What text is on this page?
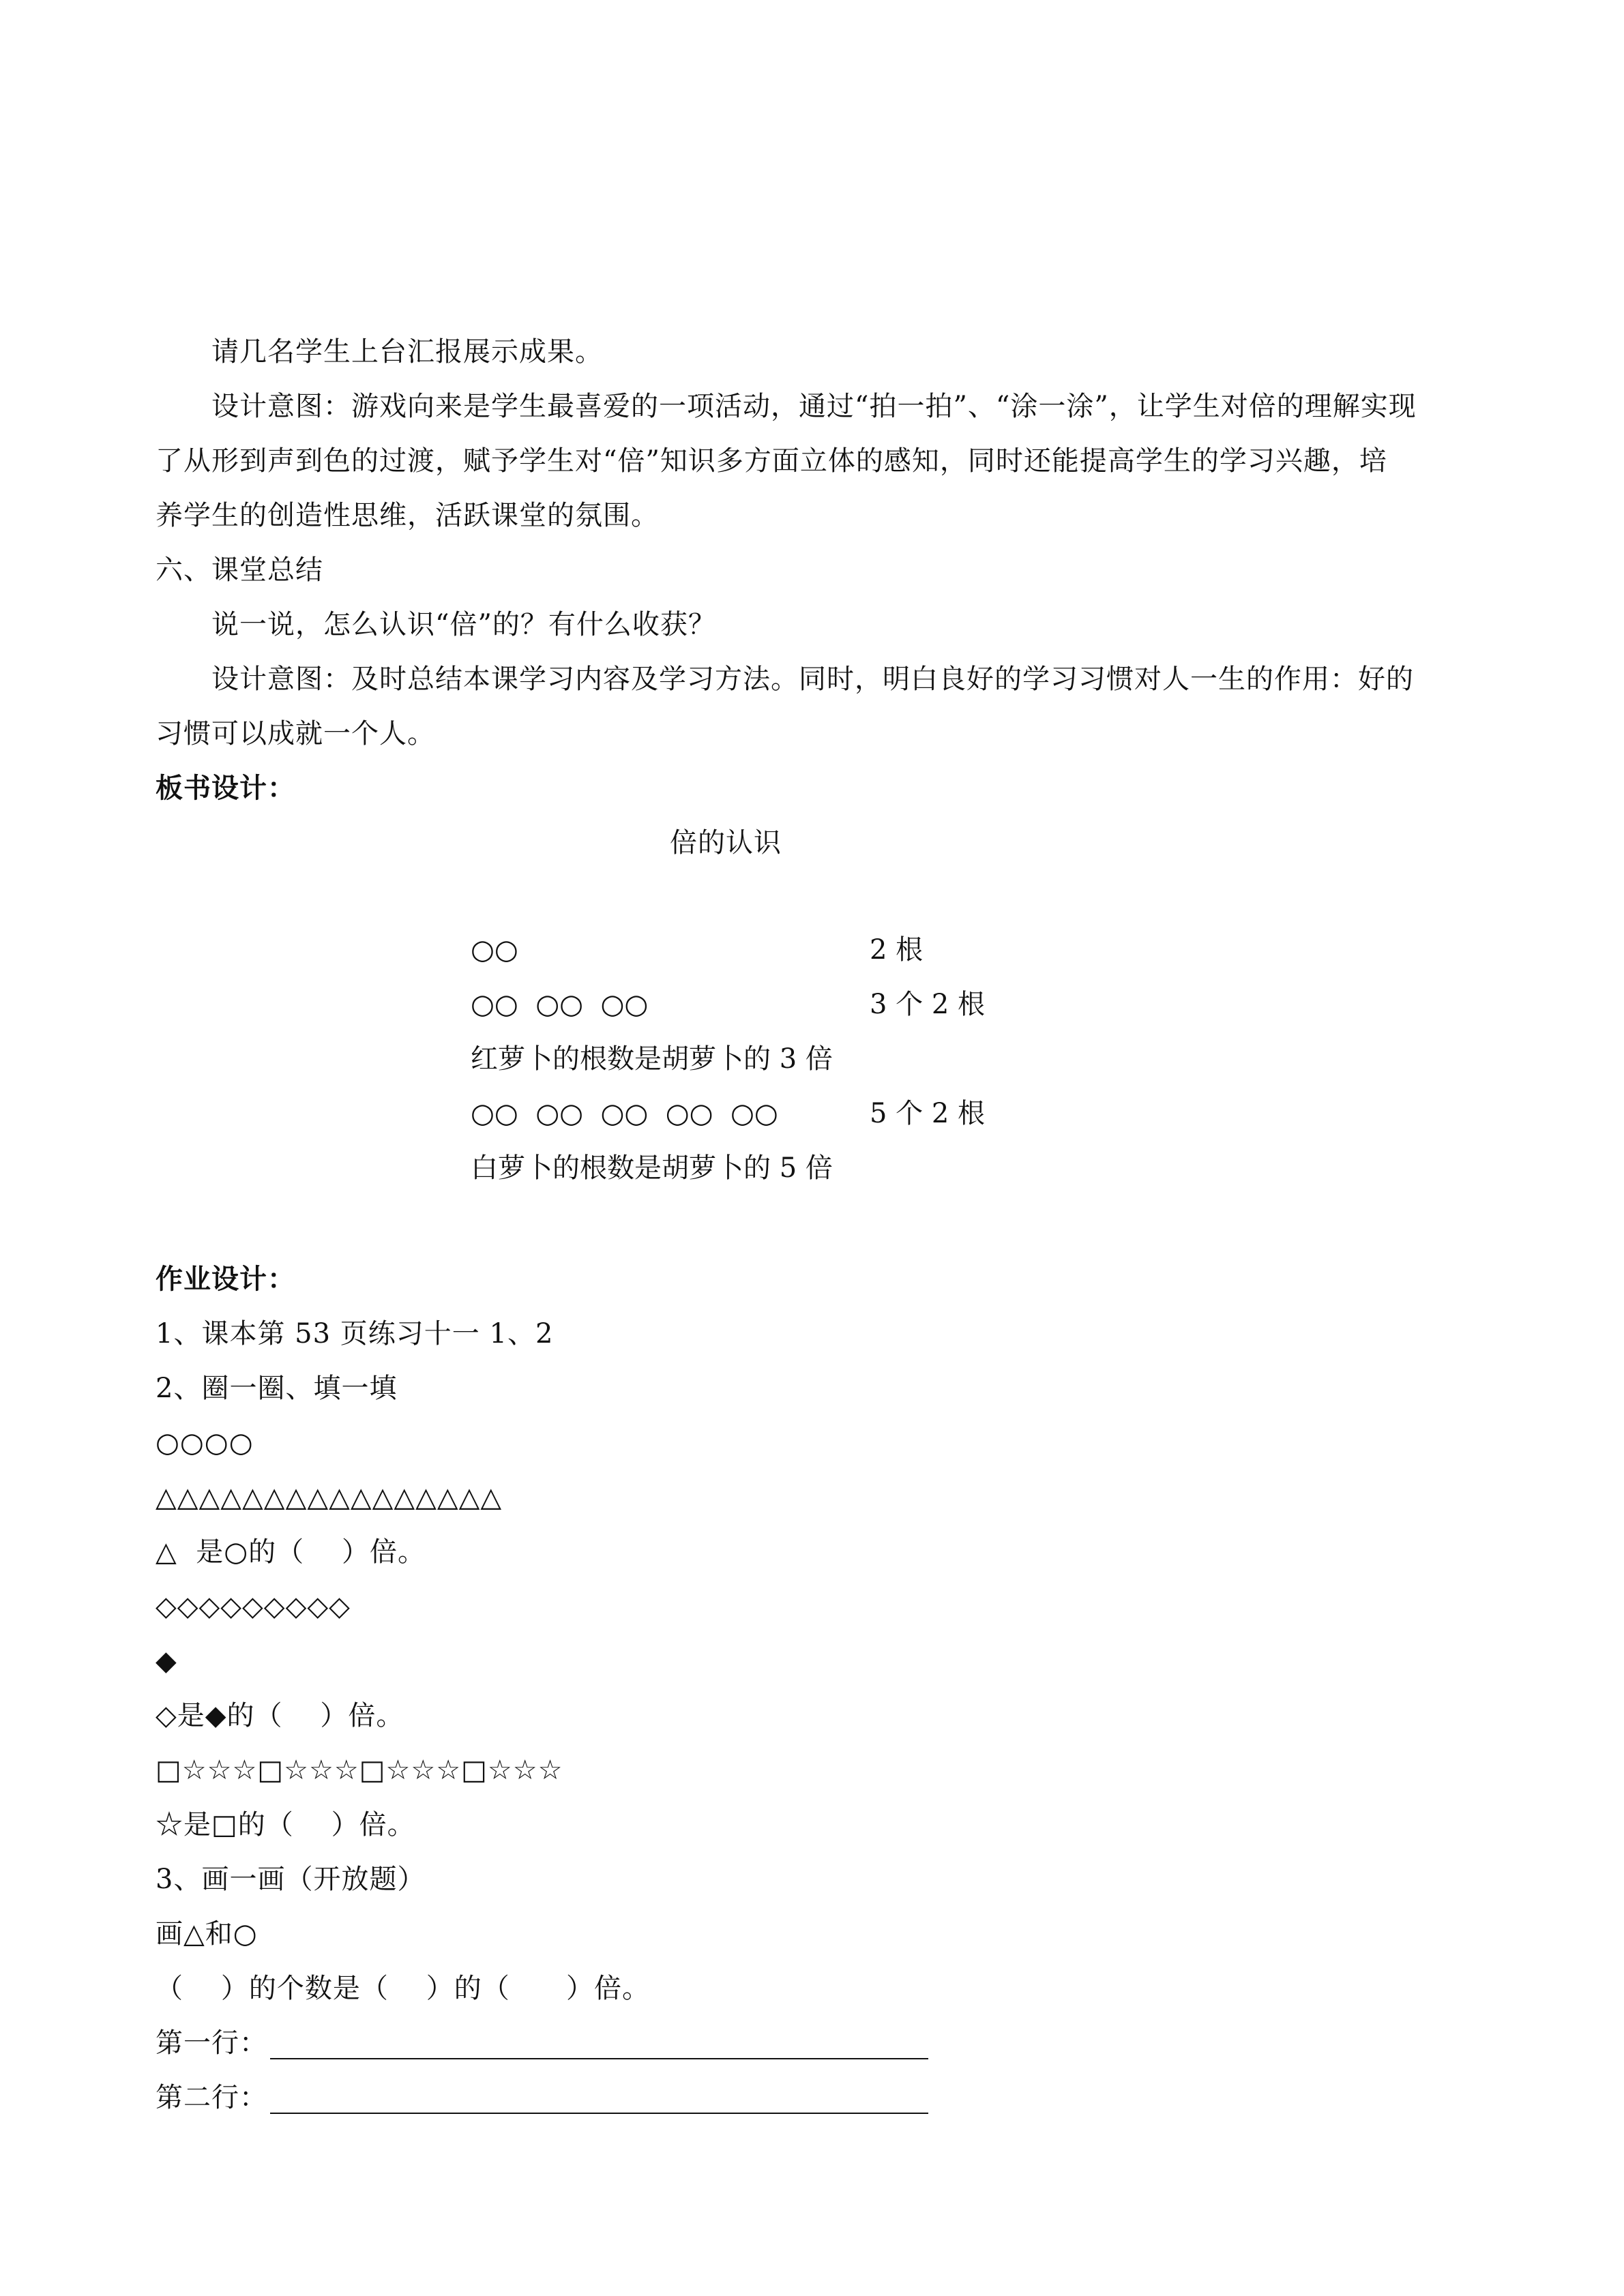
请几名学生上台汇报展示成果。
设计意图：游戏向来是学生最喜爱的一项活动，通过“拍一拍”、“涂一涂”，让学生对倍的理解实现
了从形到声到色的过渡，赋予学生对“倍”知识多方面立体的感知，同时还能提高学生的学习兴趣，培
养学生的创造性思维，活跃课堂的氛围。
六、课堂总结
说一说，怎么认识“倍”的？有什么收获？
设计意图：及时总结本课学习内容及学习方法。同时，明白良好的学习习惯对人一生的作用：好的
习惯可以成就一个人。
板书设计：
倍的认识
○○	2 根
○○  ○○  ○○	3 个 2 根
红萝卜的根数是胡萝卜的 3 倍
○○  ○○  ○○  ○○  ○○	5 个 2 根
白萝卜的根数是胡萝卜的 5 倍
作业设计：
1、课本第 53 页练习十一 1、2
2、圈一圈、填一填
○○○○
△△△△△△△△△△△△△△△△
△  是○的（    ）倍。
◇◇◇◇◇◇◇◇◇
◆
◇是◆的（    ）倍。
□☆☆☆□☆☆☆□☆☆☆□☆☆☆
☆是□的（    ）倍。
3、画一画（开放题）
画△和○
（    ）的个数是（    ）的（      ）倍。
第一行：
第二行：
